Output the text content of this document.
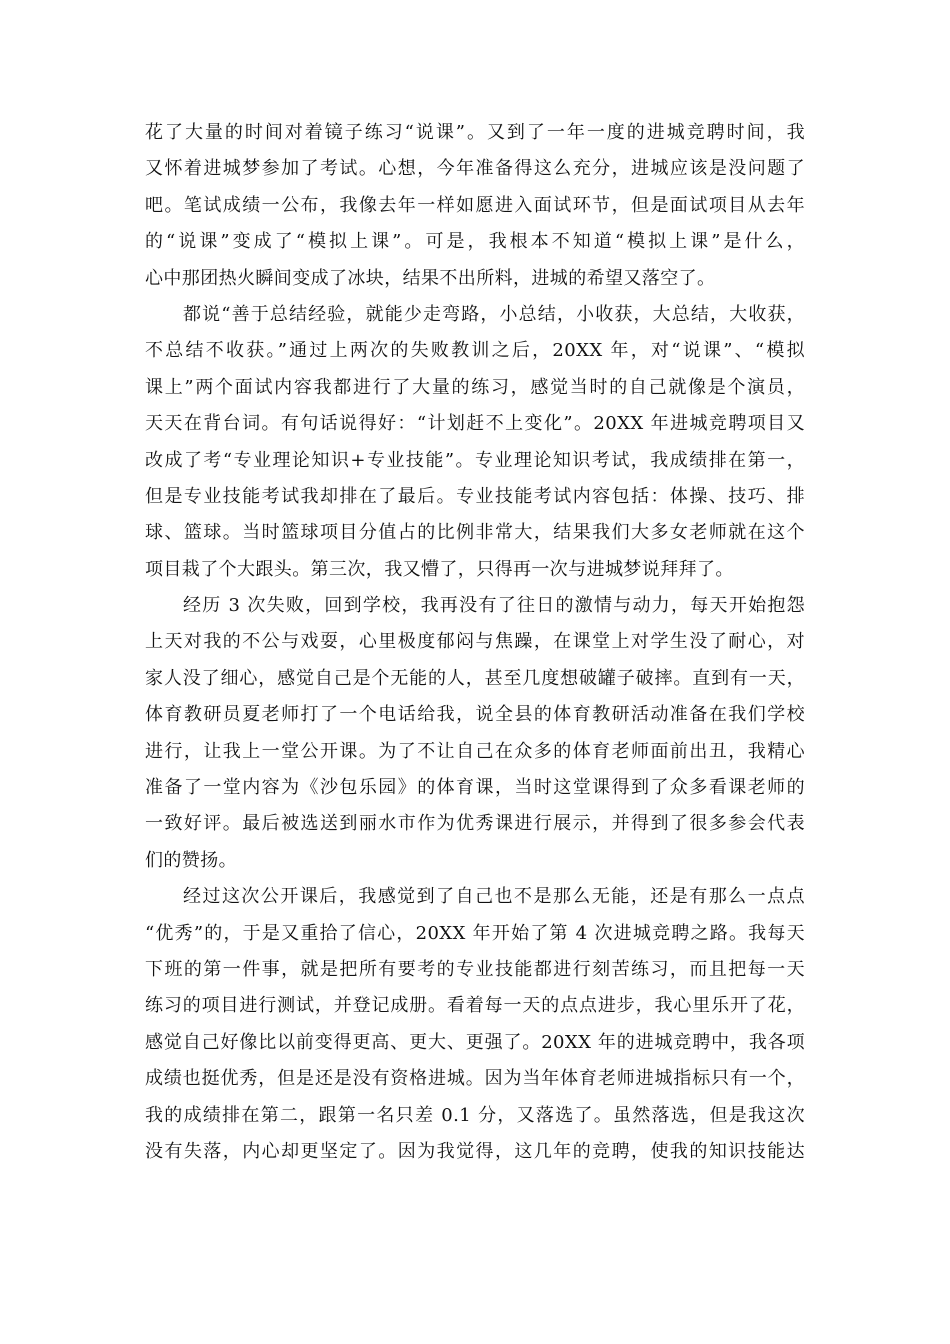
花了大量的时间对着镜子练习“说课”。又到了一年一度的进城竞聘时间，我
又怀着进城梦参加了考试。心想，今年准备得这么充分，进城应该是没问题了
吧。笔试成绩一公布，我像去年一样如愿进入面试环节，但是面试项目从去年
的“说课”变成了“模拟上课”。可是，我根本不知道“模拟上课”是什么，
心中那团热火瞬间变成了冰块，结果不出所料，进城的希望又落空了。
都说“善于总结经验，就能少走弯路，小总结，小收获，大总结，大收获，
不总结不收获。”通过上两次的失败教训之后，20XX 年，对“说课”、“模拟
课上”两个面试内容我都进行了大量的练习，感觉当时的自己就像是个演员，
天天在背台词。有句话说得好：“计划赶不上变化”。20XX 年进城竞聘项目又
改成了考“专业理论知识+专业技能”。专业理论知识考试，我成绩排在第一，
但是专业技能考试我却排在了最后。专业技能考试内容包括：体操、技巧、排
球、篮球。当时篮球项目分值占的比例非常大，结果我们大多女老师就在这个
项目栽了个大跟头。第三次，我又懵了，只得再一次与进城梦说拜拜了。
经历 3 次失败，回到学校，我再没有了往日的激情与动力，每天开始抱怨
上天对我的不公与戏耍，心里极度郁闷与焦躁，在课堂上对学生没了耐心，对
家人没了细心，感觉自己是个无能的人，甚至几度想破罐子破摔。直到有一天，
体育教研员夏老师打了一个电话给我，说全县的体育教研活动准备在我们学校
进行，让我上一堂公开课。为了不让自己在众多的体育老师面前出丑，我精心
准备了一堂内容为《沙包乐园》的体育课，当时这堂课得到了众多看课老师的
一致好评。最后被选送到丽水市作为优秀课进行展示，并得到了很多参会代表
们的赞扬。
经过这次公开课后，我感觉到了自己也不是那么无能，还是有那么一点点
“优秀”的，于是又重拾了信心，20XX 年开始了第 4 次进城竞聘之路。我每天
下班的第一件事，就是把所有要考的专业技能都进行刻苦练习，而且把每一天
练习的项目进行测试，并登记成册。看着每一天的点点进步，我心里乐开了花，
感觉自己好像比以前变得更高、更大、更强了。20XX 年的进城竞聘中，我各项
成绩也挺优秀，但是还是没有资格进城。因为当年体育老师进城指标只有一个，
我的成绩排在第二，跟第一名只差 0.1 分，又落选了。虽然落选，但是我这次
没有失落，内心却更坚定了。因为我觉得，这几年的竞聘，使我的知识技能达
